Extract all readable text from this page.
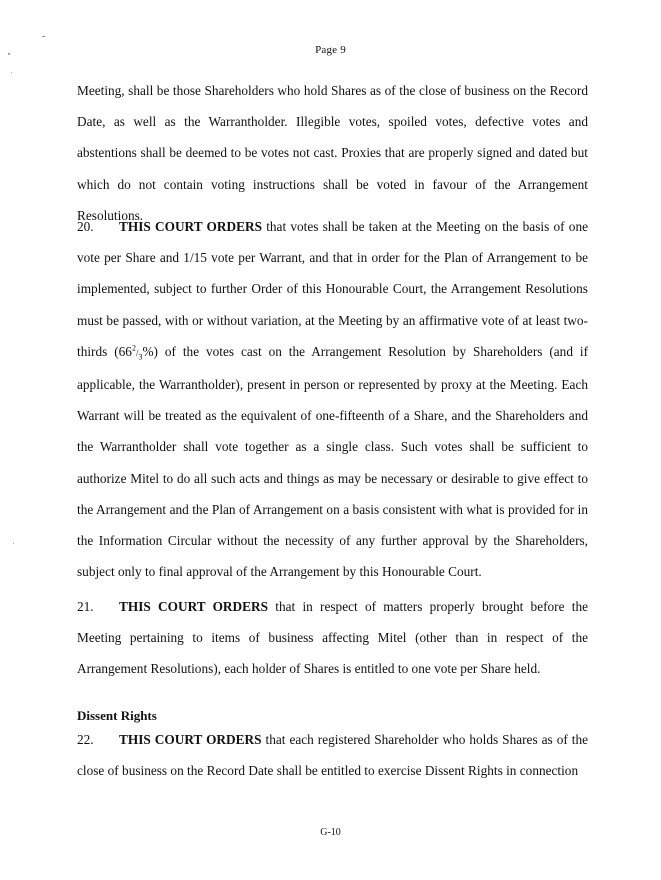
Page 9

Meeting, shall be those Shareholders who hold Shares as of the close of business on the Record Date, as well as the Warrantholder. Illegible votes, spoiled votes, defective votes and abstentions shall be deemed to be votes not cast. Proxies that are properly signed and dated but which do not contain voting instructions shall be voted in favour of the Arrangement Resolutions.

20. THIS COURT ORDERS that votes shall be taken at the Meeting on the basis of one vote per Share and 1/15 vote per Warrant, and that in order for the Plan of Arrangement to be implemented, subject to further Order of this Honourable Court, the Arrangement Resolutions must be passed, with or without variation, at the Meeting by an affirmative vote of at least two-thirds $(66^2/_3\%)$ of the votes cast on the Arrangement Resolution by Shareholders (and if applicable, the Warrantholder), present in person or represented by proxy at the Meeting. Each Warrant will be treated as the equivalent of one-fifteenth of a Share, and the Shareholders and the Warrantholder shall vote together as a single class. Such votes shall be sufficient to authorize Mitel to do all such acts and things as may be necessary or desirable to give effect to the Arrangement and the Plan of Arrangement on a basis consistent with what is provided for in the Information Circular without the necessity of any further approval by the Shareholders, subject only to final approval of the Arrangement by this Honourable Court.

21. THIS COURT ORDERS that in respect of matters properly brought before the Meeting pertaining to items of business affecting Mitel (other than in respect of the Arrangement Resolutions), each holder of Shares is entitled to one vote per Share held.

Dissent Rights

22. THIS COURT ORDERS that each registered Shareholder who holds Shares as of the close of business on the Record Date shall be entitled to exercise Dissent Rights in connection

G-10
